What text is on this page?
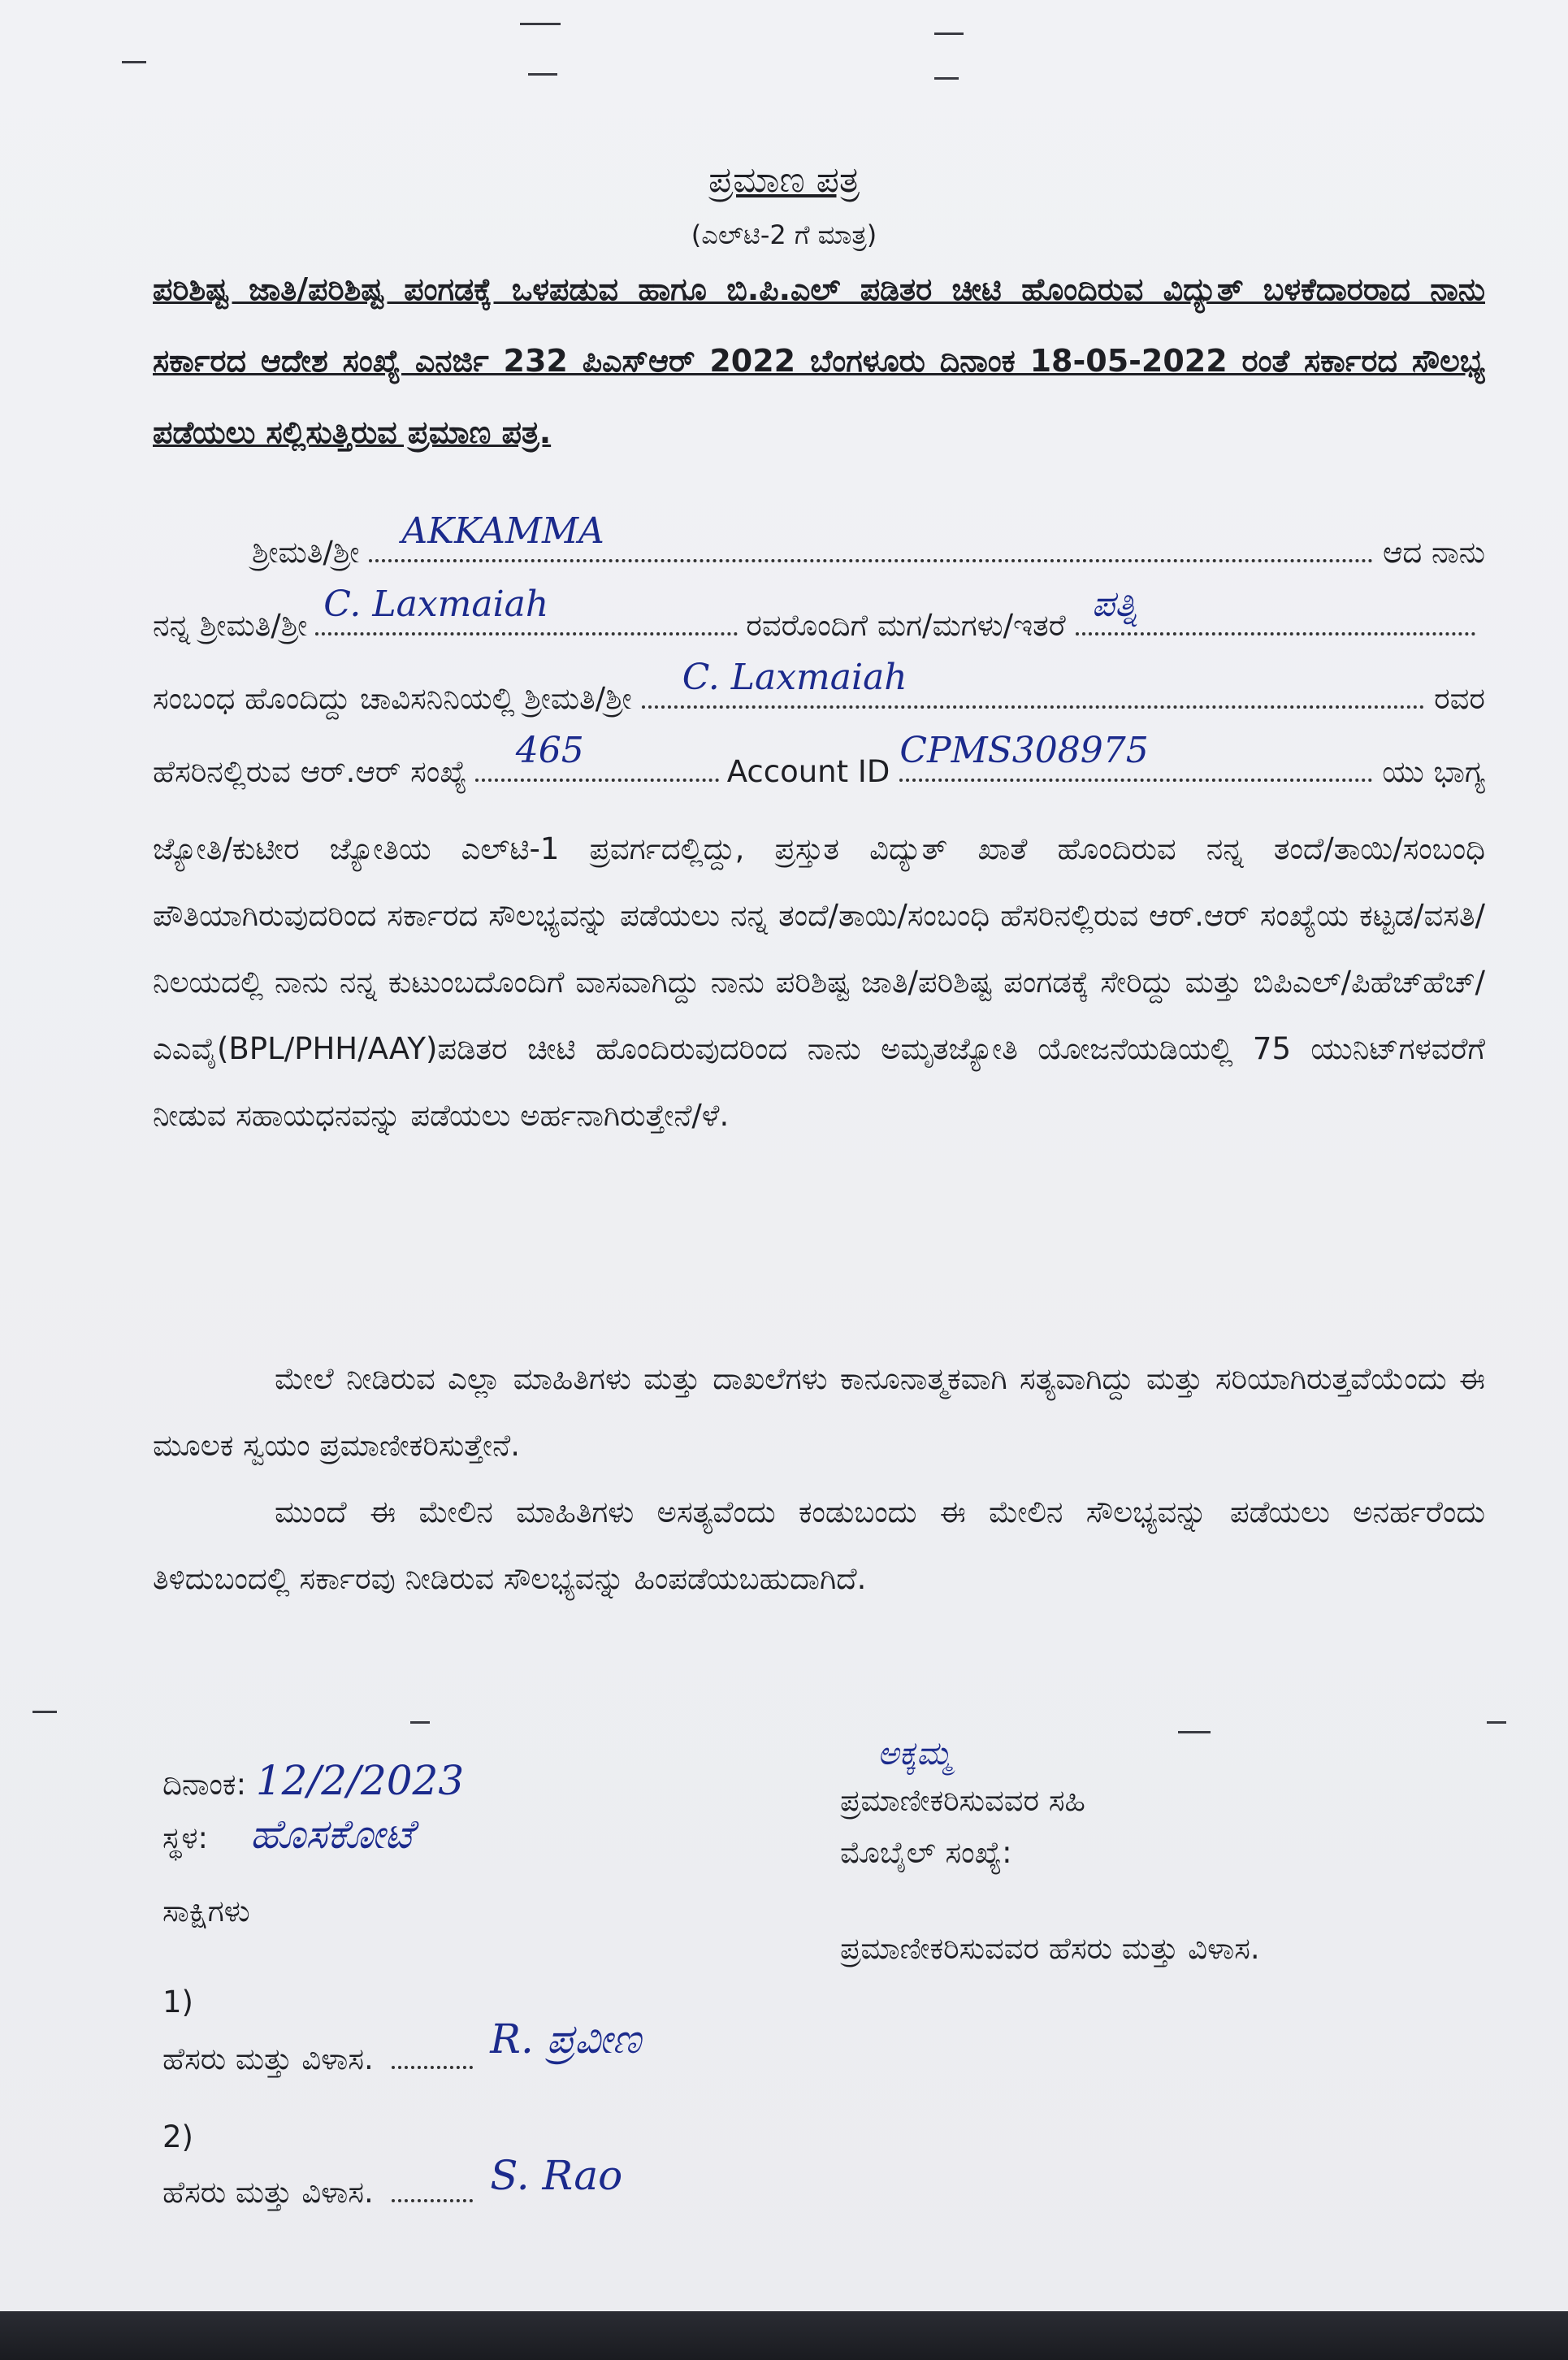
ಪ್ರಮಾಣ ಪತ್ರ
(ಎಲ್‌ಟಿ-2 ಗೆ ಮಾತ್ರ)
ಪರಿಶಿಷ್ಟ ಜಾತಿ/ಪರಿಶಿಷ್ಟ ಪಂಗಡಕ್ಕೆ ಒಳಪಡುವ ಹಾಗೂ ಬಿ.ಪಿ.ಎಲ್ ಪಡಿತರ ಚೀಟಿ ಹೊಂದಿರುವ ವಿದ್ಯುತ್ ಬಳಕೆದಾರರಾದ ನಾನು ಸರ್ಕಾರದ ಆದೇಶ ಸಂಖ್ಯೆ ಎನರ್ಜಿ 232 ಪಿಎಸ್‌ಆರ್ 2022 ಬೆಂಗಳೂರು ದಿನಾಂಕ 18-05-2022 ರಂತೆ ಸರ್ಕಾರದ ಸೌಲಭ್ಯ ಪಡೆಯಲು ಸಲ್ಲಿಸುತ್ತಿರುವ ಪ್ರಮಾಣ ಪತ್ರ.
ಶ್ರೀಮತಿ/ಶ್ರೀ
AKKAMMA
ಆದ ನಾನು
ನನ್ನ ಶ್ರೀಮತಿ/ಶ್ರೀ
C. Laxmaiah
ರವರೊಂದಿಗೆ ಮಗ/ಮಗಳು/ಇತರೆ
ಪತ್ನಿ
ಸಂಬಂಧ ಹೊಂದಿದ್ದು ಚಾವಿಸನಿನಿಯಲ್ಲಿ ಶ್ರೀಮತಿ/ಶ್ರೀ
C. Laxmaiah
ರವರ
ಹೆಸರಿನಲ್ಲಿರುವ ಆರ್.ಆರ್ ಸಂಖ್ಯೆ
465
Account ID
CPMS308975
ಯು ಭಾಗ್ಯ
ಜ್ಯೋತಿ/ಕುಟೀರ ಜ್ಯೋತಿಯ ಎಲ್‌ಟಿ-1 ಪ್ರವರ್ಗದಲ್ಲಿದ್ದು, ಪ್ರಸ್ತುತ ವಿದ್ಯುತ್ ಖಾತೆ ಹೊಂದಿರುವ ನನ್ನ ತಂದೆ/ತಾಯಿ/ಸಂಬಂಧಿ ಪೌತಿಯಾಗಿರುವುದರಿಂದ ಸರ್ಕಾರದ ಸೌಲಭ್ಯವನ್ನು ಪಡೆಯಲು ನನ್ನ ತಂದೆ/ತಾಯಿ/ಸಂಬಂಧಿ ಹೆಸರಿನಲ್ಲಿರುವ ಆರ್.ಆರ್ ಸಂಖ್ಯೆಯ ಕಟ್ಟಡ/ವಸತಿ/ನಿಲಯದಲ್ಲಿ ನಾನು ನನ್ನ ಕುಟುಂಬದೊಂದಿಗೆ ವಾಸವಾಗಿದ್ದು ನಾನು ಪರಿಶಿಷ್ಟ ಜಾತಿ/ಪರಿಶಿಷ್ಟ ಪಂಗಡಕ್ಕೆ ಸೇರಿದ್ದು ಮತ್ತು ಬಿಪಿಎಲ್/ಪಿಹೆಚ್‌ಹೆಚ್/ಎಎವೈ(BPL/PHH/AAY)ಪಡಿತರ ಚೀಟಿ ಹೊಂದಿರುವುದರಿಂದ ನಾನು ಅಮೃತಜ್ಯೋತಿ ಯೋಜನೆಯಡಿಯಲ್ಲಿ 75 ಯುನಿಟ್‌ಗಳವರೆಗೆ ನೀಡುವ ಸಹಾಯಧನವನ್ನು ಪಡೆಯಲು ಅರ್ಹನಾಗಿರುತ್ತೇನೆ/ಳೆ.
ಮೇಲೆ ನೀಡಿರುವ ಎಲ್ಲಾ ಮಾಹಿತಿಗಳು ಮತ್ತು ದಾಖಲೆಗಳು ಕಾನೂನಾತ್ಮಕವಾಗಿ ಸತ್ಯವಾಗಿದ್ದು ಮತ್ತು ಸರಿಯಾಗಿರುತ್ತವೆಯೆಂದು ಈ ಮೂಲಕ ಸ್ವಯಂ ಪ್ರಮಾಣೀಕರಿಸುತ್ತೇನೆ.
ಮುಂದೆ ಈ ಮೇಲಿನ ಮಾಹಿತಿಗಳು ಅಸತ್ಯವೆಂದು ಕಂಡುಬಂದು ಈ ಮೇಲಿನ ಸೌಲಭ್ಯವನ್ನು ಪಡೆಯಲು ಅನರ್ಹರೆಂದು ತಿಳಿದುಬಂದಲ್ಲಿ ಸರ್ಕಾರವು ನೀಡಿರುವ ಸೌಲಭ್ಯವನ್ನು ಹಿಂಪಡೆಯಬಹುದಾಗಿದೆ.
ದಿನಾಂಕ: 12/2/2023
ಸ್ಥಳ: ಹೊಸಕೋಟೆ
ಸಾಕ್ಷಿಗಳು
1)
ಹೆಸರು ಮತ್ತು ವಿಳಾಸ.	R. ಪ್ರವೀಣ
2)
ಹೆಸರು ಮತ್ತು ವಿಳಾಸ.	S. Rao
ಅಕ್ಕಮ್ಮ
ಪ್ರಮಾಣೀಕರಿಸುವವರ ಸಹಿ
ಮೊಬೈಲ್ ಸಂಖ್ಯೆ:
ಪ್ರಮಾಣೀಕರಿಸುವವರ ಹೆಸರು ಮತ್ತು ವಿಳಾಸ.
